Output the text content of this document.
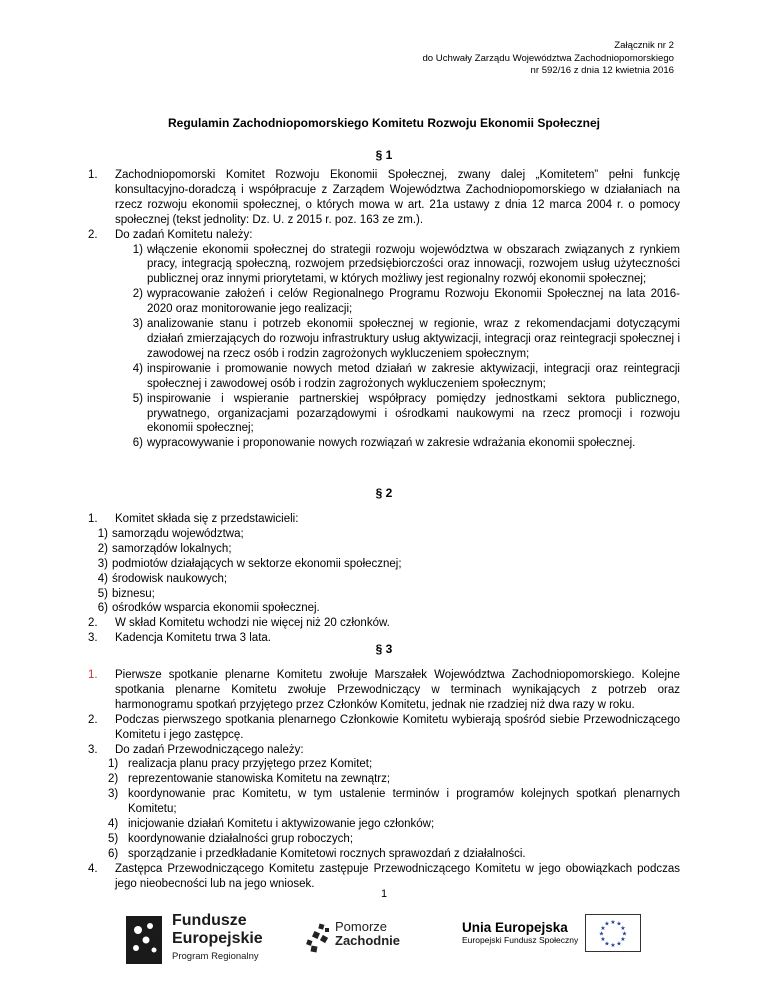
Załącznik nr 2
do Uchwały Zarządu Województwa Zachodniopomorskiego
nr 592/16 z dnia 12 kwietnia 2016
Regulamin Zachodniopomorskiego Komitetu Rozwoju Ekonomii Społecznej
§ 1
1.	Zachodniopomorski Komitet Rozwoju Ekonomii Społecznej, zwany dalej „Komitetem” pełni funkcję konsultacyjno-doradczą i współpracuje z Zarządem Województwa Zachodniopomorskiego w działaniach na rzecz rozwoju ekonomii społecznej, o których mowa w art. 21a ustawy z dnia 12 marca 2004 r. o pomocy społecznej (tekst jednolity: Dz. U. z 2015 r. poz. 163 ze zm.).
2.	Do zadań Komitetu należy:
1) włączenie ekonomii społecznej do strategii rozwoju województwa w obszarach związanych z rynkiem pracy, integracją społeczną, rozwojem przedsiębiorczości oraz innowacji, rozwojem usług użyteczności publicznej oraz innymi priorytetami, w których możliwy jest regionalny rozwój ekonomii społecznej;
2) wypracowanie założeń i celów Regionalnego Programu Rozwoju Ekonomii Społecznej na lata 2016-2020 oraz monitorowanie jego realizacji;
3) analizowanie stanu i potrzeb ekonomii społecznej w regionie, wraz z rekomendacjami dotyczącymi działań zmierzających do rozwoju infrastruktury usług aktywizacji, integracji oraz reintegracji społecznej i zawodowej na rzecz osób i rodzin zagrożonych wykluczeniem społecznym;
4) inspirowanie i promowanie nowych metod działań w zakresie aktywizacji, integracji oraz reintegracji społecznej i zawodowej osób i rodzin zagrożonych wykluczeniem społecznym;
5) inspirowanie i wspieranie partnerskiej współpracy pomiędzy jednostkami sektora publicznego, prywatnego, organizacjami pozarządowymi i ośrodkami naukowymi na rzecz promocji i rozwoju ekonomii społecznej;
6) wypracowywanie i proponowanie nowych rozwiązań w zakresie wdrażania ekonomii społecznej.
§ 2
1.	Komitet składa się z przedstawicieli:
1) samorządu województwa;
2) samorządów lokalnych;
3) podmiotów działających w sektorze ekonomii społecznej;
4) środowisk naukowych;
5) biznesu;
6) ośrodków wsparcia ekonomii społecznej.
2.	W skład Komitetu wchodzi nie więcej niż 20 członków.
3.	Kadencja Komitetu trwa 3 lata.
§ 3
1.	Pierwsze spotkanie plenarne Komitetu zwołuje Marszałek Województwa Zachodniopomorskiego. Kolejne spotkania plenarne Komitetu zwołuje Przewodniczący w terminach wynikających z potrzeb oraz harmonogramu spotkań przyjętego przez Członków Komitetu, jednak nie rzadziej niż dwa razy w roku.
2.	Podczas pierwszego spotkania plenarnego Członkowie Komitetu wybierają spośród siebie Przewodniczącego Komitetu i jego zastępcę.
3.	Do zadań Przewodniczącego należy:
1) realizacja planu pracy przyjętego przez Komitet;
2) reprezentowanie stanowiska Komitetu na zewnątrz;
3) koordynowanie prac Komitetu, w tym ustalenie terminów i programów kolejnych spotkań plenarnych Komitetu;
4) inicjowanie działań Komitetu i aktywizowanie jego członków;
5) koordynowanie działalności grup roboczych;
6) sporządzanie i przedkładanie Komitetowi rocznych sprawozdań z działalności.
4.	Zastępca Przewodniczącego Komitetu zastępuje Przewodniczącego Komitetu w jego obowiązkach podczas jego nieobecności lub na jego wniosek.
1
Fundusze
Europejskie
Program Regionalny
Pomorze
Zachodnie
Unia Europejska
Europejski Fundusz Społeczny
★ ★
★
★
★
★
★
★
★
★
★
★
